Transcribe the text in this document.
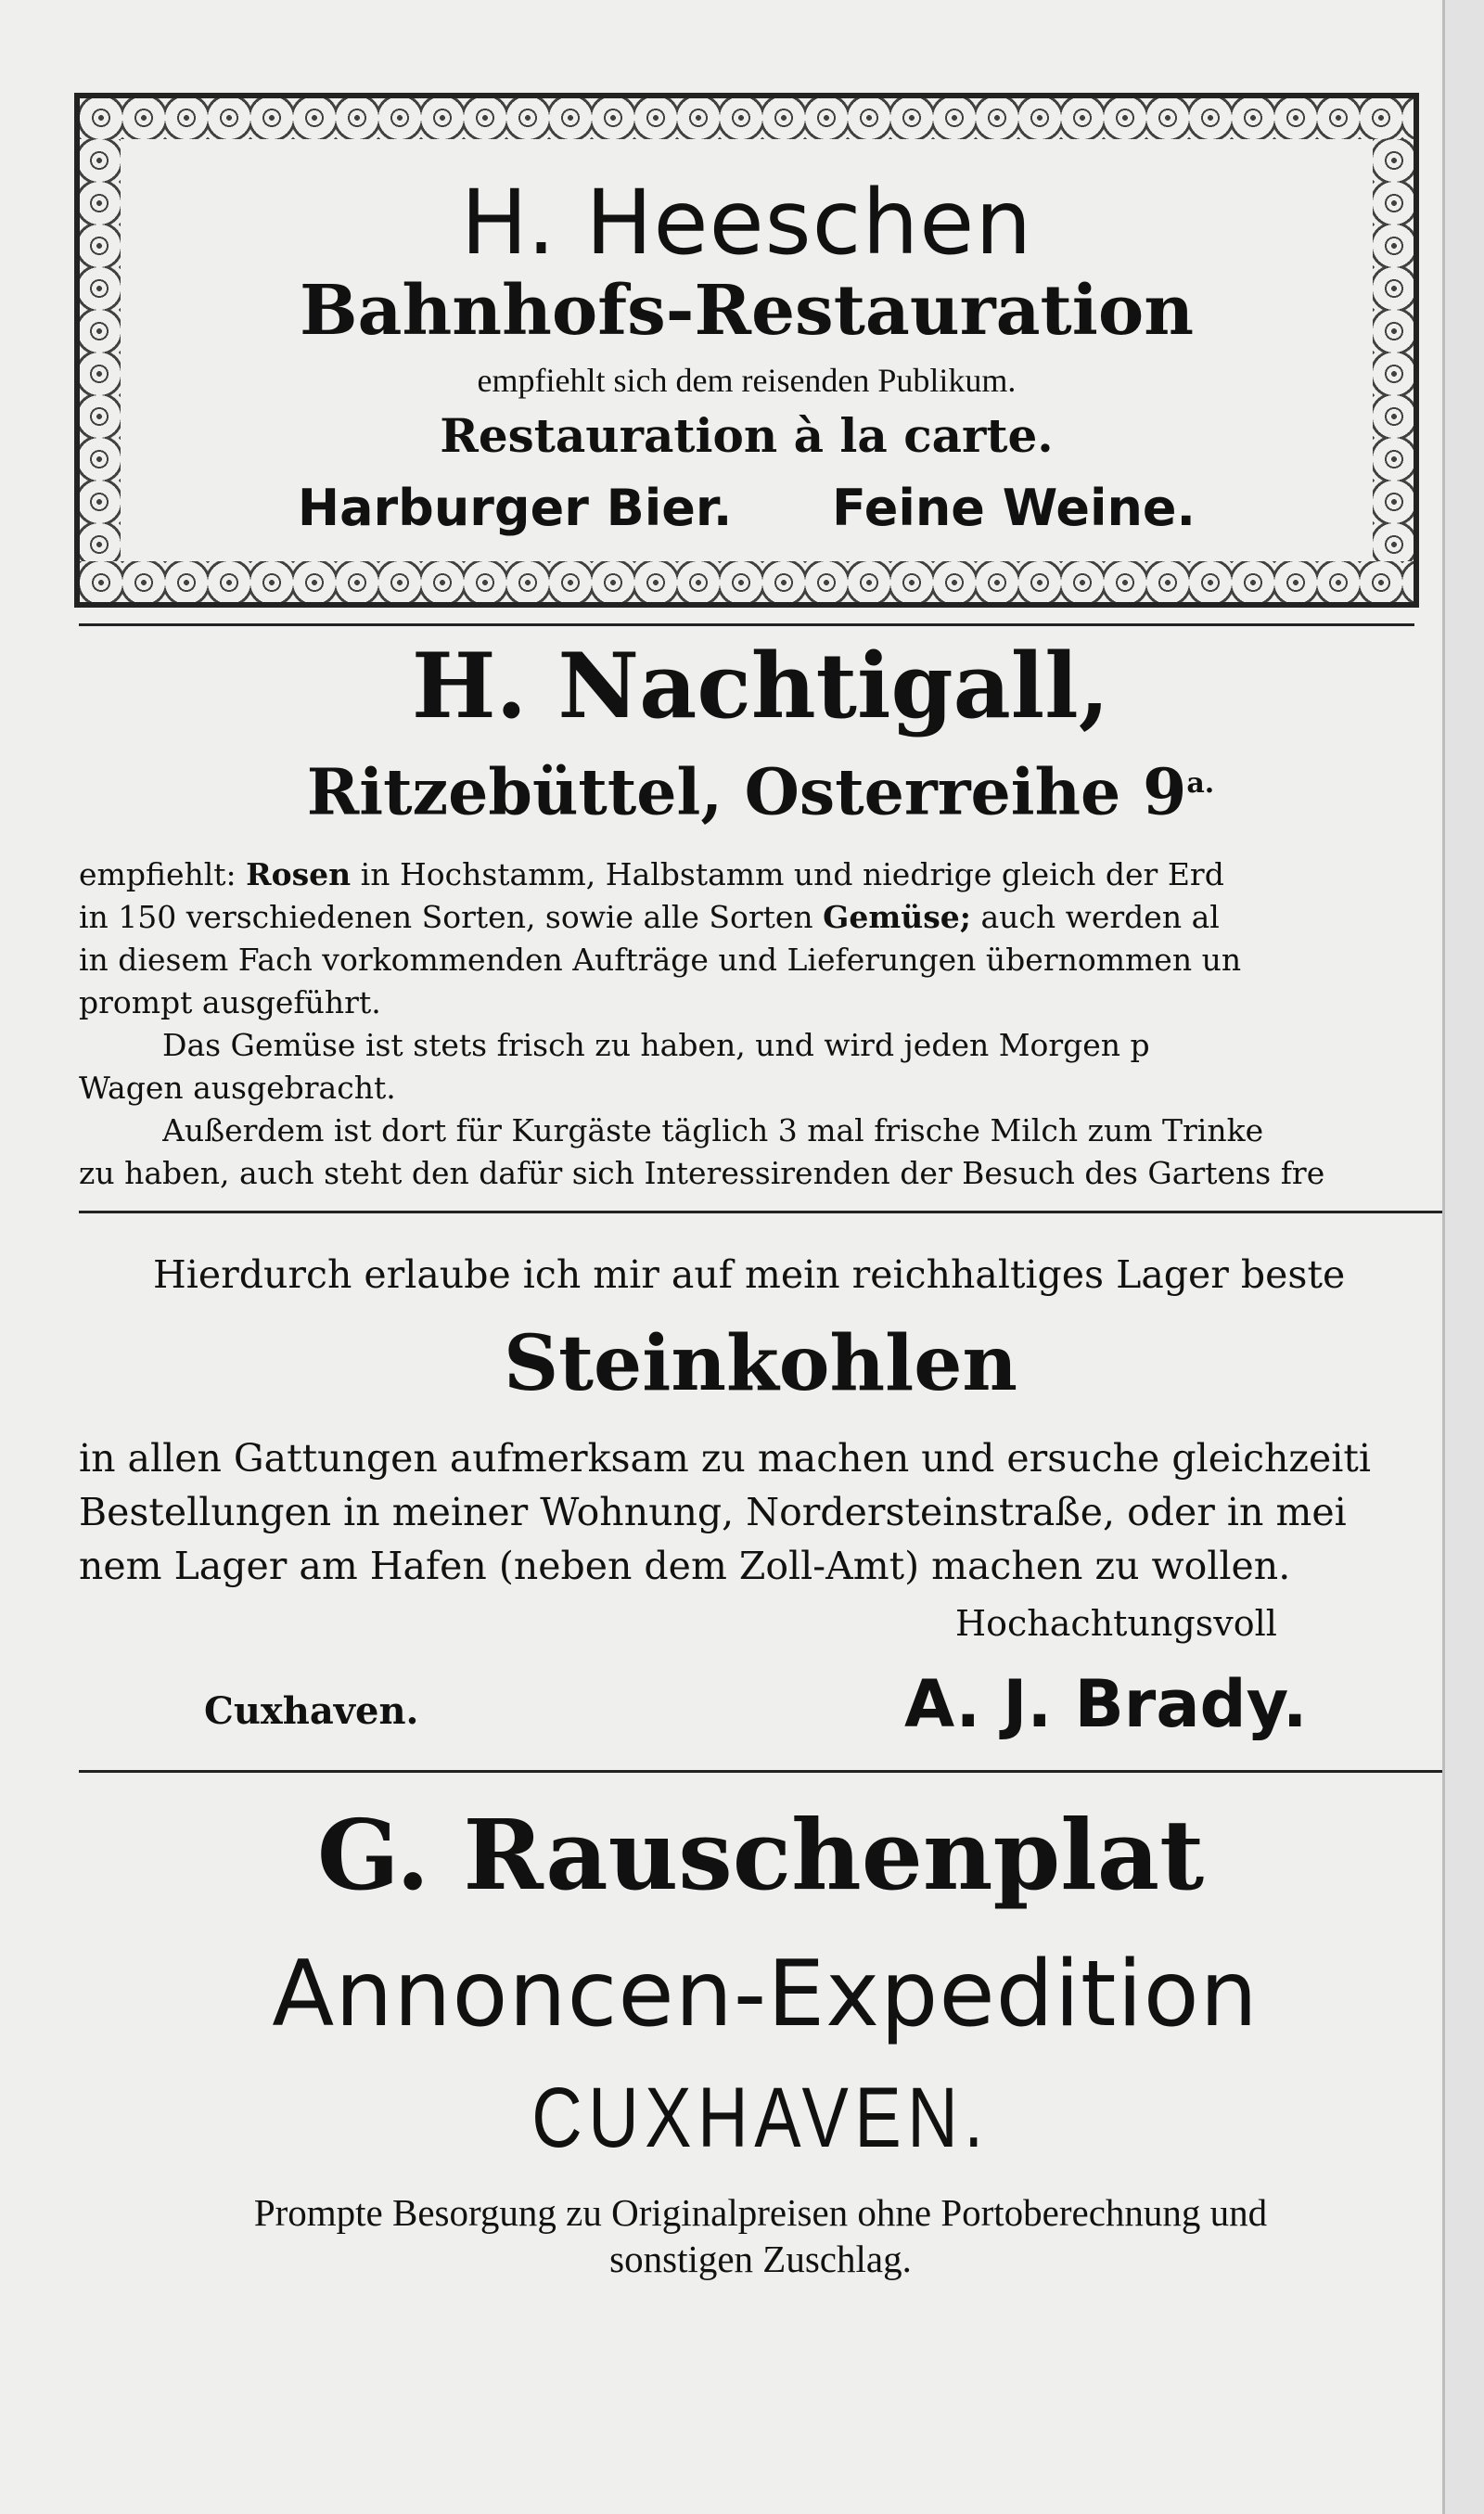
H. Heeschen
Bahnhofs-Restauration
empfiehlt sich dem reisenden Publikum.
Restauration à la carte.
Harburger Bier. Feine Weine.
H. Nachtigall,
Ritzebüttel, Osterreihe $9^{a.}$
empfiehlt: Rosen in Hochstamm, Halbstamm und niedrige gleich der Erd
in 150 verschiedenen Sorten, sowie alle Sorten Gemüse; auch werden al
in diesem Fach vorkommenden Aufträge und Lieferungen übernommen un
prompt ausgeführt.
Das Gemüse ist stets frisch zu haben, und wird jeden Morgen p
Wagen ausgebracht.
Außerdem ist dort für Kurgäste täglich 3 mal frische Milch zum Trinke
zu haben, auch steht den dafür sich Interessirenden der Besuch des Gartens fre
Hierdurch erlaube ich mir auf mein reichhaltiges Lager beste
Steinkohlen
in allen Gattungen aufmerksam zu machen und ersuche gleichzeiti
Bestellungen in meiner Wohnung, Nordersteinstraße, oder in mei
nem Lager am Hafen (neben dem Zoll-Amt) machen zu wollen.
Hochachtungsvoll
Cuxhaven.	A. J. Brady.
G. Rauschenplat
Annoncen-Expedition
CUXHAVEN.
Prompte Besorgung zu Originalpreisen ohne Portoberechnung und
sonstigen Zuschlag.
